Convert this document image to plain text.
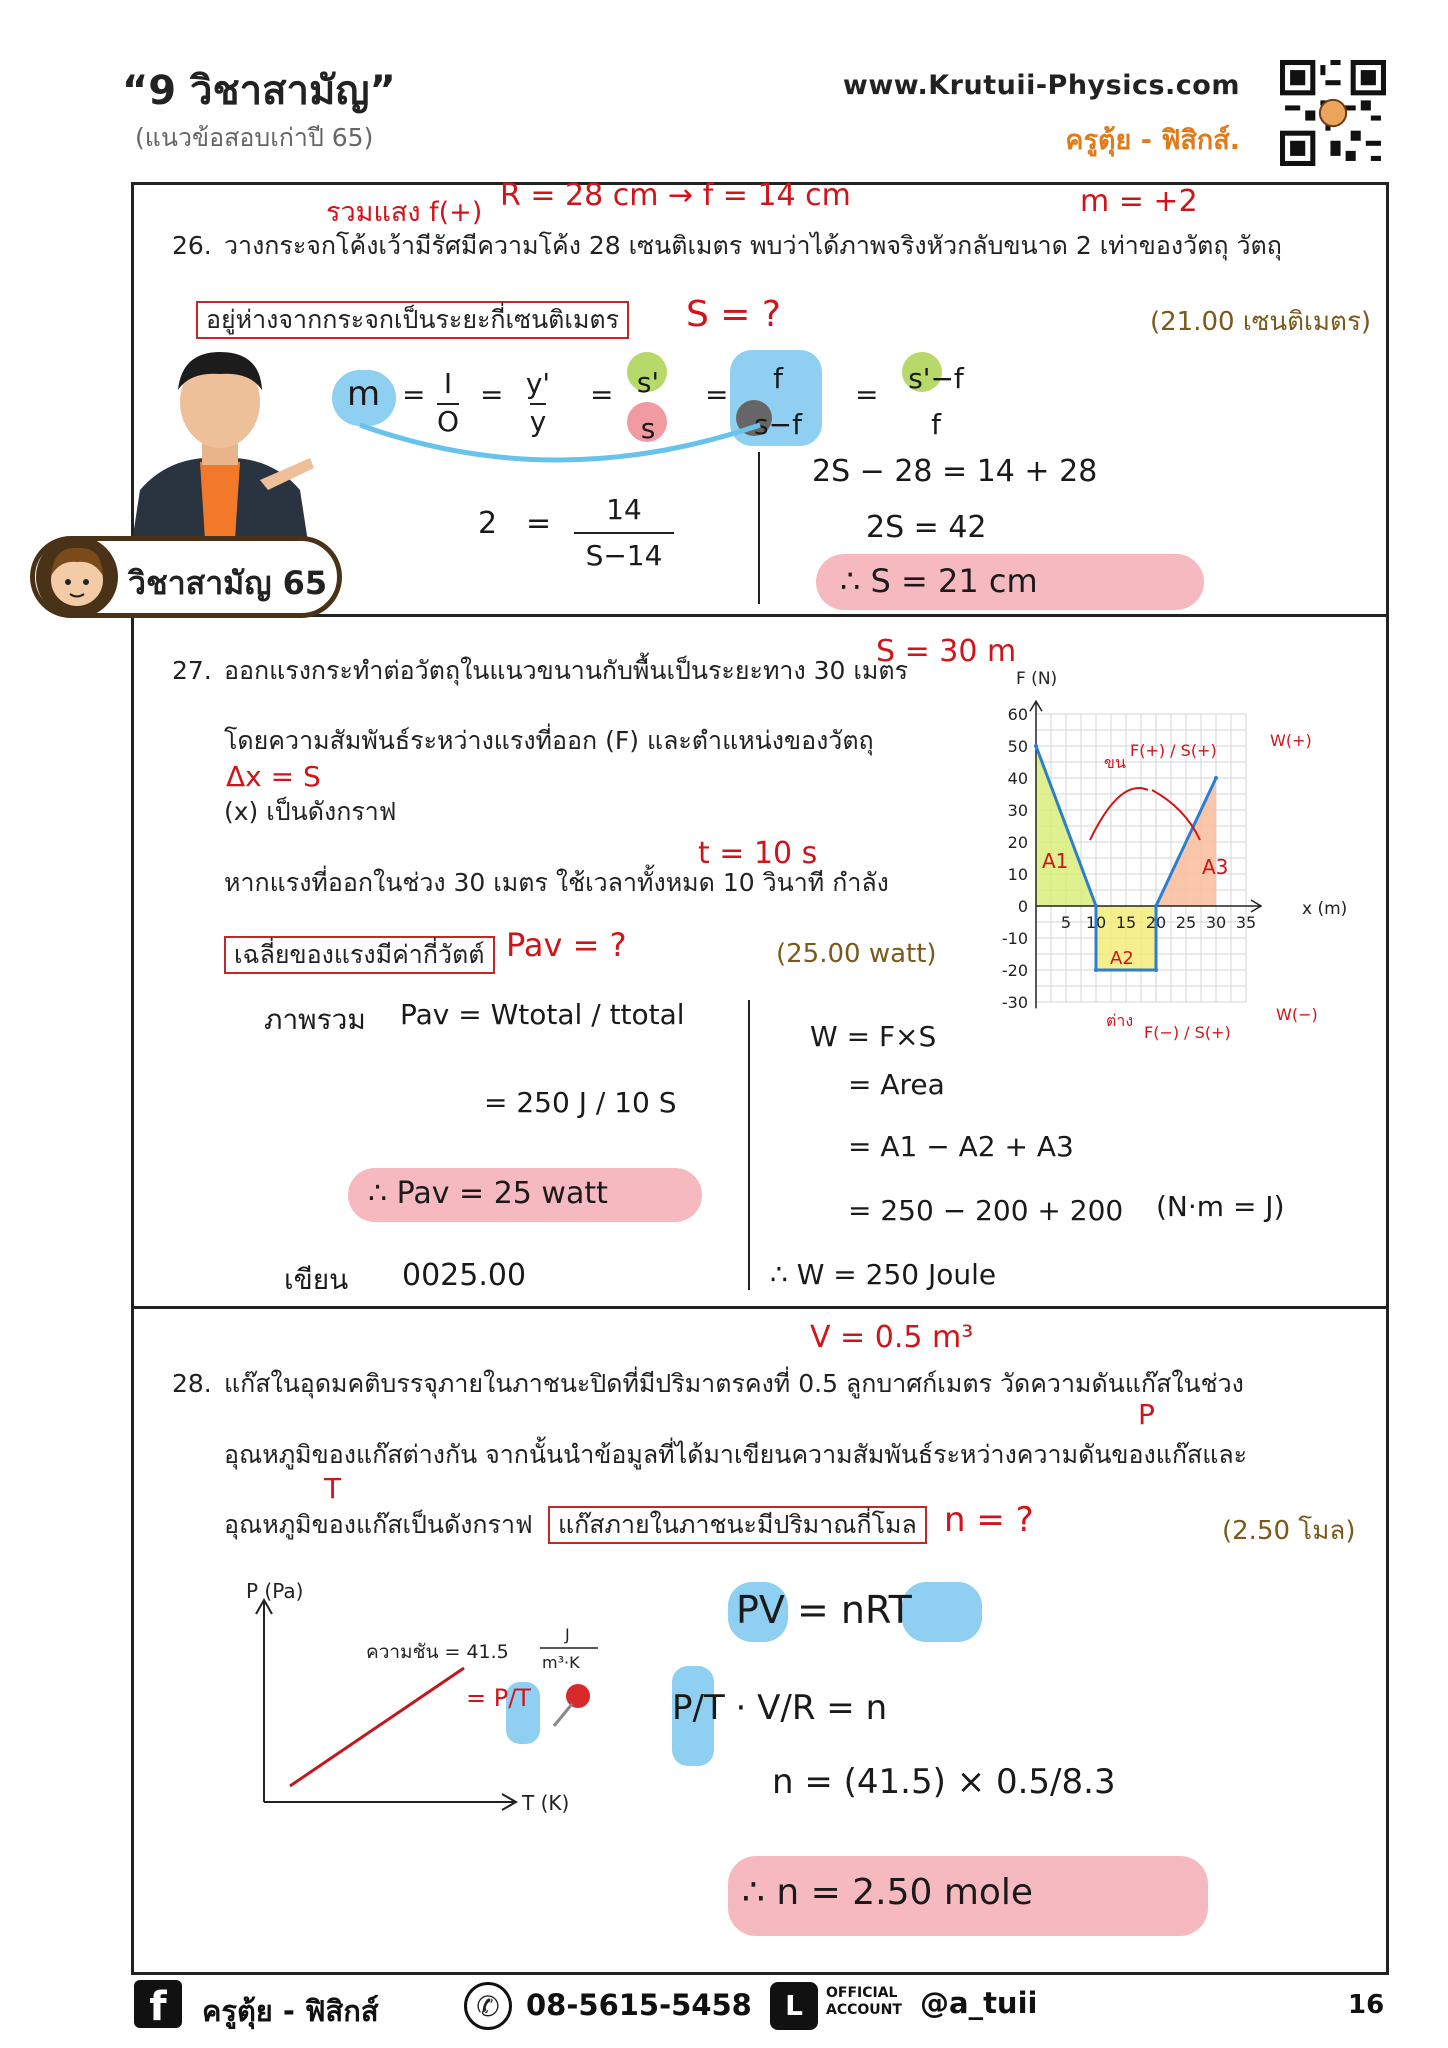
“9 วิชาสามัญ”
(แนวข้อสอบเก่าปี 65)
www.Krutuii-Physics.com
ครูตุ้ย - ฟิสิกส์.
รวมแสง f(+) R = 28 cm → f = 14 cm	m = +2
26. วางกระจกโค้งเว้ามีรัศมีความโค้ง 28 เซนติเมตร พบว่าได้ภาพจริงหัวกลับขนาด 2 เท่าของวัตถุ วัตถุ
อยู่ห่างจากกระจกเป็นระยะกี่เซนติเมตร S = ?	(21.00 เซนติเมตร)
วิชาสามัญ 65
m = I
O
= y'
y
= s'
s
=	f
s−f
=	s'−f
f
$2 = \frac{14}{S-14}$
2S − 28 = 14 + 28
2S = 42
∴ S = 21 cm
S = 30 m
27. ออกแรงกระทำต่อวัตถุในแนวขนานกับพื้นเป็นระยะทาง 30 เมตร
โดยความสัมพันธ์ระหว่างแรงที่ออก (F) และตำแหน่งของวัตถุ
Δx = S
(x) เป็นดังกราฟ
t = 10 s
หากแรงที่ออกในช่วง 30 เมตร ใช้เวลาทั้งหมด 10 วินาที กำลัง
เฉลี่ยของแรงมีค่ากี่วัตต์ Pav = ?	(25.00 watt)
ภาพรวม Pav = Wtotal / ttotal
= 250 J / 10 S
∴ Pav = 25 watt
เขียน 0025.00
W = F×S
= Area
= A1 − A2 + A3
= 250 − 200 + 200 (N·m = J)
∴ W = 250 Joule
60
50
40
30
20
10
0
-10
-20
-30
5 10 15 20 25 30 35
F (N)
x (m)
A1
A2
A3
ขน
ต่าง
F(+) / S(+)
W(+)
F(−) / S(+)
W(−)
V = 0.5 m³
28. แก๊สในอุดมคติบรรจุภายในภาชนะปิดที่มีปริมาตรคงที่ 0.5 ลูกบาศก์เมตร วัดความดันแก๊สในช่วง
P
อุณหภูมิของแก๊สต่างกัน จากนั้นนำข้อมูลที่ได้มาเขียนความสัมพันธ์ระหว่างความดันของแก๊สและ
T
อุณหภูมิของแก๊สเป็นดังกราฟ	แก๊สภายในภาชนะมีปริมาณกี่โมล n = ?	(2.50 โมล)
P (Pa)
T (K)
ความชัน = 41.5
J
m³·K
= P/T
PV = nRT
P/T · V/R = n
n = (41.5) × 0.5/8.3
∴ n = 2.50 mole
f	ครูตุ้ย - ฟิสิกส์	✆ 08-5615-5458	L	OFFICIAL
ACCOUNT @a_tuii	16
